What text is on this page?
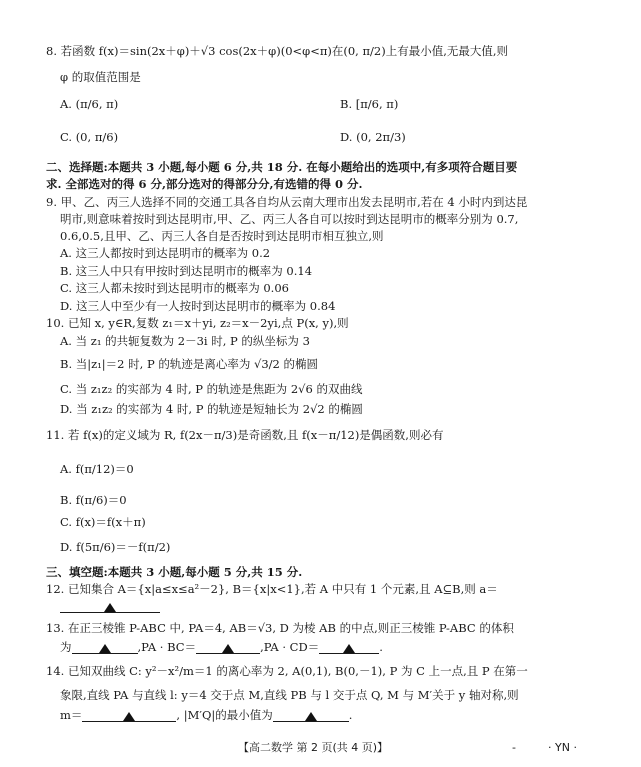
8. 若函数 f(x)＝sin(2x＋φ)＋√3 cos(2x＋φ)(0<φ<π)在(0, π/2)上有最小值,无最大值,则
φ 的取值范围是
A. (π/6, π)	B. [π/6, π)
C. (0, π/6)	D. (0, 2π/3)
二、选择题:本题共 3 小题,每小题 6 分,共 18 分. 在每小题给出的选项中,有多项符合题目要
求. 全部选对的得 6 分,部分选对的得部分分,有选错的得 0 分.
9. 甲、乙、丙三人选择不同的交通工具各自均从云南大理市出发去昆明市,若在 4 小时内到达昆
明市,则意味着按时到达昆明市,甲、乙、丙三人各自可以按时到达昆明市的概率分别为 0.7,
0.6,0.5,且甲、乙、丙三人各自是否按时到达昆明市相互独立,则
A. 这三人都按时到达昆明市的概率为 0.2
B. 这三人中只有甲按时到达昆明市的概率为 0.14
C. 这三人都未按时到达昆明市的概率为 0.06
D. 这三人中至少有一人按时到达昆明市的概率为 0.84
10. 已知 x, y∈R,复数 z₁＝x＋yi, z₂＝x－2yi,点 P(x, y),则
A. 当 z₁ 的共轭复数为 2－3i 时, P 的纵坐标为 3
B. 当|z₁|＝2 时, P 的轨迹是离心率为 √3/2 的椭圆
C. 当 z₁z₂ 的实部为 4 时, P 的轨迹是焦距为 2√6 的双曲线
D. 当 z₁z₂ 的实部为 4 时, P 的轨迹是短轴长为 2√2 的椭圆
11. 若 f(x)的定义域为 R, f(2x－π/3)是奇函数,且 f(x－π/12)是偶函数,则必有
A. f(π/12)＝0
B. f(π/6)＝0
C. f(x)＝f(x＋π)
D. f(5π/6)＝－f(π/2)
三、填空题:本题共 3 小题,每小题 5 分,共 15 分.
12. 已知集合 A＝{x|a≤x≤a²－2}, B＝{x|x<1},若 A 中只有 1 个元素,且 A⊆B,则 a＝
13. 在正三棱锥 P-ABC 中, PA＝4, AB＝√3, D 为棱 AB 的中点,则正三棱锥 P-ABC 的体积
为	,PA · BC＝	,PA · CD＝	.
14. 已知双曲线 C: y²－x²/m＝1 的离心率为 2, A(0,1), B(0,－1), P 为 C 上一点,且 P 在第一
象限,直线 PA 与直线 l: y＝4 交于点 M,直线 PB 与 l 交于点 Q, M 与 M′关于 y 轴对称,则
m＝	, |M′Q|的最小值为	.
【高二数学 第 2 页(共 4 页)】	-	· YN ·
